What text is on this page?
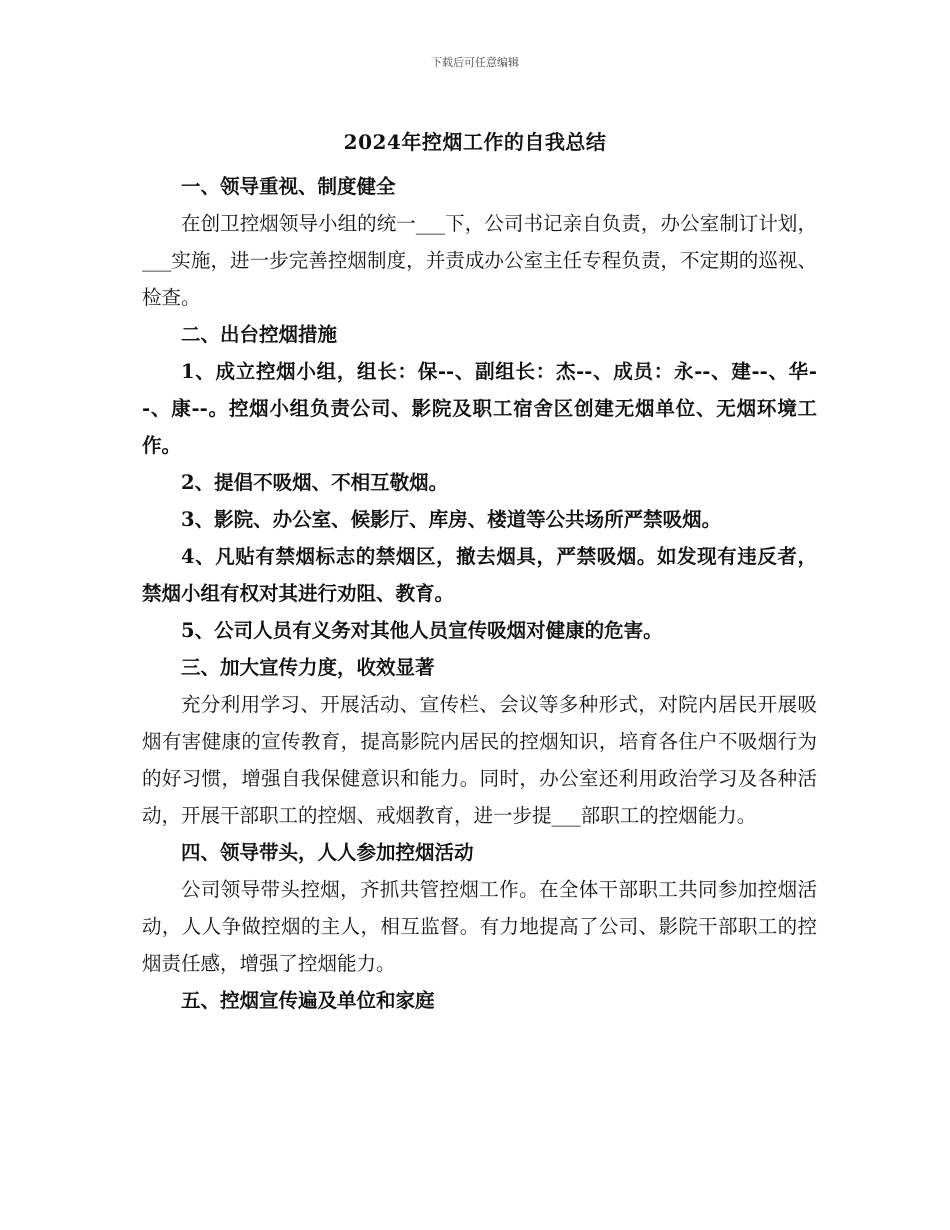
下载后可任意编辑
2024年控烟工作的自我总结

一、领导重视、制度健全

在创卫控烟领导小组的统一___下，公司书记亲自负责，办公室制订计划，___实施，进一步完善控烟制度，并责成办公室主任专程负责，不定期的巡视、检查。

二、出台控烟措施

1、成立控烟小组，组长：保--、副组长：杰--、成员：永--、建--、华--、康--。控烟小组负责公司、影院及职工宿舍区创建无烟单位、无烟环境工作。

2、提倡不吸烟、不相互敬烟。

3、影院、办公室、候影厅、库房、楼道等公共场所严禁吸烟。

4、凡贴有禁烟标志的禁烟区，撤去烟具，严禁吸烟。如发现有违反者，禁烟小组有权对其进行劝阻、教育。

5、公司人员有义务对其他人员宣传吸烟对健康的危害。

三、加大宣传力度，收效显著

充分利用学习、开展活动、宣传栏、会议等多种形式，对院内居民开展吸烟有害健康的宣传教育，提高影院内居民的控烟知识，培育各住户不吸烟行为的好习惯，增强自我保健意识和能力。同时，办公室还利用政治学习及各种活动，开展干部职工的控烟、戒烟教育，进一步提___部职工的控烟能力。

四、领导带头，人人参加控烟活动

公司领导带头控烟，齐抓共管控烟工作。在全体干部职工共同参加控烟活动，人人争做控烟的主人，相互监督。有力地提高了公司、影院干部职工的控烟责任感，增强了控烟能力。

五、控烟宣传遍及单位和家庭
